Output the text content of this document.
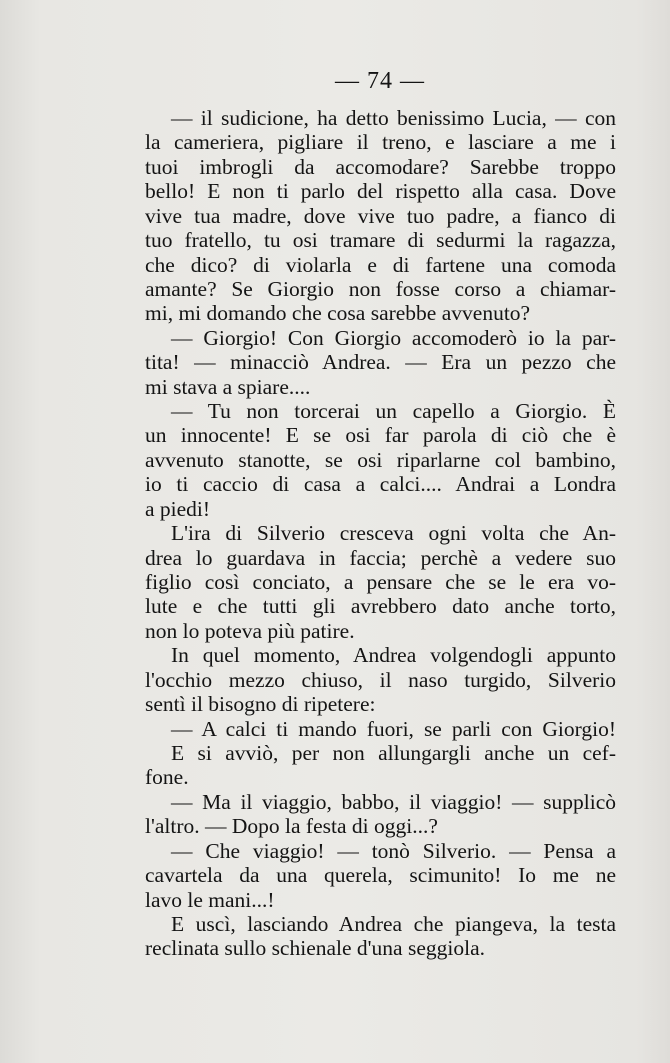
— 74 —
— il sudicione, ha detto benissimo Lucia, — con
la cameriera, pigliare il treno, e lasciare a me i
tuoi imbrogli da accomodare? Sarebbe troppo
bello! E non ti parlo del rispetto alla casa. Dove
vive tua madre, dove vive tuo padre, a fianco di
tuo fratello, tu osi tramare di sedurmi la ragazza,
che dico? di violarla e di fartene una comoda
amante? Se Giorgio non fosse corso a chiamar-
mi, mi domando che cosa sarebbe avvenuto?
— Giorgio! Con Giorgio accomoderò io la par-
tita! — minacciò Andrea. — Era un pezzo che
mi stava a spiare....
— Tu non torcerai un capello a Giorgio. È
un innocente! E se osi far parola di ciò che è
avvenuto stanotte, se osi riparlarne col bambino,
io ti caccio di casa a calci.... Andrai a Londra
a piedi!
L'ira di Silverio cresceva ogni volta che An-
drea lo guardava in faccia; perchè a vedere suo
figlio così conciato, a pensare che se le era vo-
lute e che tutti gli avrebbero dato anche torto,
non lo poteva più patire.
In quel momento, Andrea volgendogli appunto
l'occhio mezzo chiuso, il naso turgido, Silverio
sentì il bisogno di ripetere:
— A calci ti mando fuori, se parli con Giorgio!
E si avviò, per non allungargli anche un cef-
fone.
— Ma il viaggio, babbo, il viaggio! — supplicò
l'altro. — Dopo la festa di oggi...?
— Che viaggio! — tonò Silverio. — Pensa a
cavartela da una querela, scimunito! Io me ne
lavo le mani...!
E uscì, lasciando Andrea che piangeva, la testa
reclinata sullo schienale d'una seggiola.
